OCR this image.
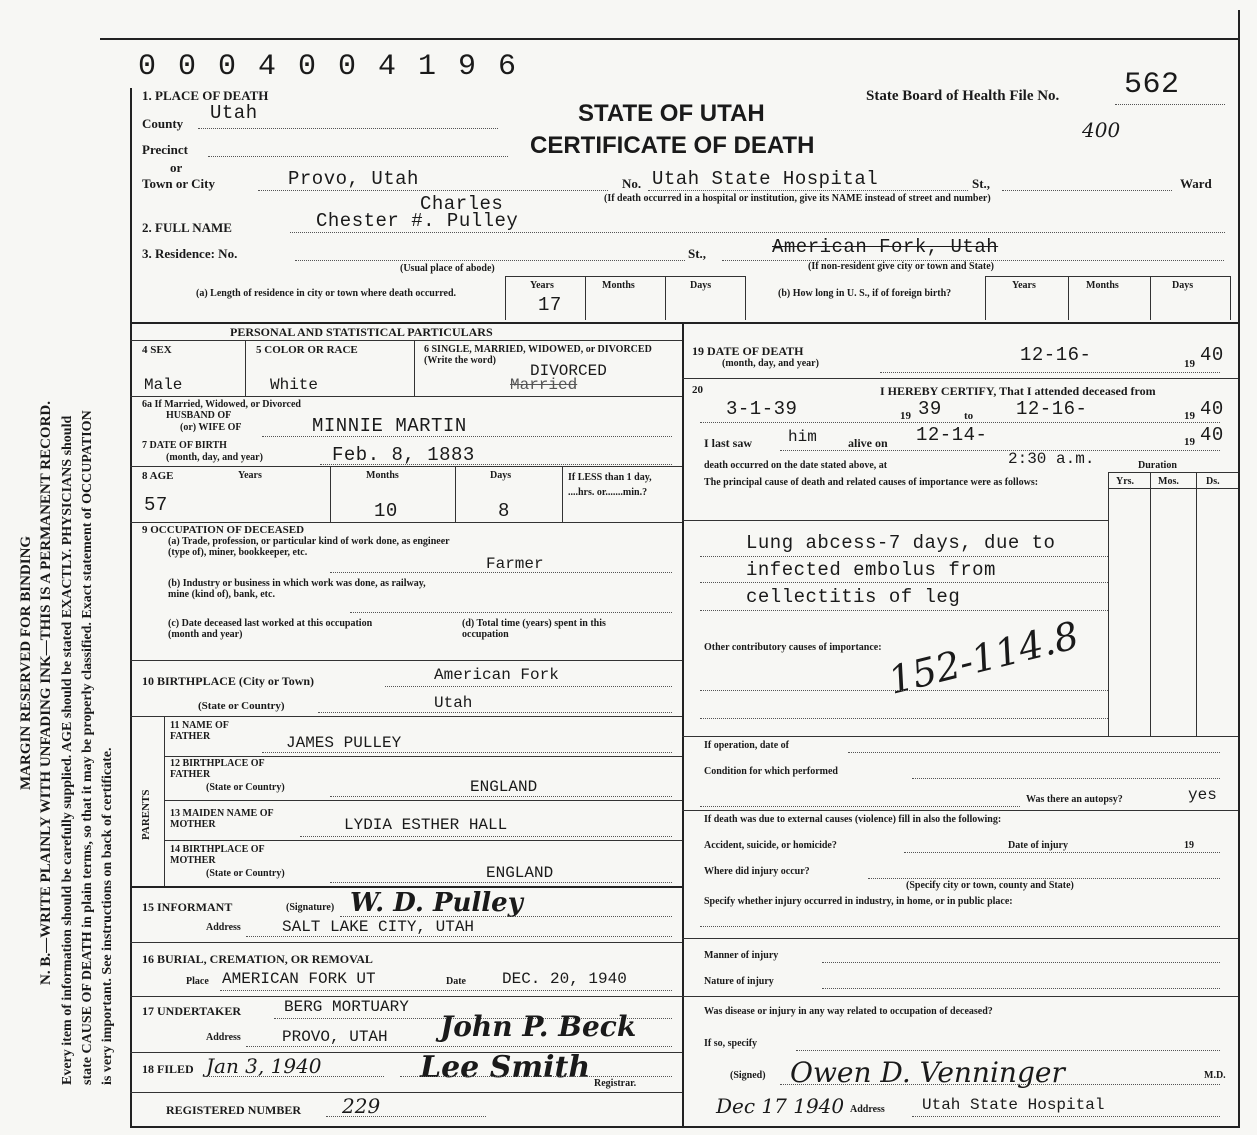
MARGIN RESERVED FOR BINDING N. B.—WRITE PLAINLY WITH UNFADING INK—THIS IS A PERMANENT RECORD. Every item of information should be carefully supplied. AGE should be stated EXACTLY. PHYSICIANS should state CAUSE OF DEATH in plain terms, so that it may be properly classified. Exact statement of OCCUPATION is very important. See instructions on back of certificate.
0 0 0 4 0 0 4 1 9 6
State Board of Health File No. 562
400
STATE OF UTAH
CERTIFICATE OF DEATH
1. PLACE OF DEATH
County Utah
Precinct
or
Town or City	Provo, Utah	No. Utah State Hospital	St.,	Ward
(If death occurred in a hospital or institution, give its NAME instead of street and number)
Charles
2. FULL NAME	Chester #. Pulley
3. Residence: No.	St.,	American Fork, Utah
(Usual place of abode)	(If non-resident give city or town and State)
(a) Length of residence in city or town where death occurred.
Years	Months	Days
17
(b) How long in U. S., if of foreign birth?
Years	Months	Days
PERSONAL AND STATISTICAL PARTICULARS
4 SEX
Male
5 COLOR OR RACE
White
6 SINGLE, MARRIED, WIDOWED, or DIVORCED (Write the word)
Married
DIVORCED
6a If Married, Widowed, or Divorced
HUSBAND OF
(or) WIFE OF	MINNIE MARTIN
7 DATE OF BIRTH
(month, day, and year)	Feb. 8, 1883
8 AGE	Years	Months	Days	If LESS than 1 day, ....hrs. or.......min.?
57	10	8
9 OCCUPATION OF DECEASED
(a) Trade, profession, or particular kind of work done, as engineer (type of), miner, bookkeeper, etc.
Farmer
(b) Industry or business in which work was done, as railway, mine (kind of), bank, etc.
(c) Date deceased last worked at this occupation (month and year)
(d) Total time (years) spent in this occupation
10 BIRTHPLACE (City or Town)	American Fork
(State or Country)	Utah
PARENTS
11 NAME OF FATHER	JAMES PULLEY
12 BIRTHPLACE OF FATHER
(State or Country)	ENGLAND
13 MAIDEN NAME OF MOTHER	LYDIA ESTHER HALL
14 BIRTHPLACE OF MOTHER
(State or Country)	ENGLAND
15 INFORMANT	(Signature) W. D. Pulley
Address	SALT LAKE CITY, UTAH
16 BURIAL, CREMATION, OR REMOVAL
Place AMERICAN FORK UT	Date DEC. 20, 1940
17 UNDERTAKER	BERG MORTUARY
Address	PROVO, UTAH John P. Beck
18 FILED Jan 3, 1940	Lee Smith Registrar.
REGISTERED NUMBER 229
19 DATE OF DEATH
(month, day, and year)	12-16-	19 40
20	I HEREBY CERTIFY, That I attended deceased from
3-1-39	19 39 to 12-16-	19 40
I last saw him	alive on 12-14-	19 40
death occurred on the date stated above, at	2:30 a.m.	Duration
The principal cause of death and related causes of importance were as follows:	Yrs. Mos.	Ds.
Lung abcess-7 days, due to
infected embolus from
cellectitis of leg
Other contributory causes of importance: 152-114.8
If operation, date of
Condition for which performed
Was there an autopsy?	yes
If death was due to external causes (violence) fill in also the following:
Accident, suicide, or homicide?	Date of injury	19
Where did injury occur?
(Specify city or town, county and State)
Specify whether injury occurred in industry, in home, or in public place:
Manner of injury
Nature of injury
Was disease or injury in any way related to occupation of deceased?
If so, specify
(Signed) Owen D. Venninger	M.D.
Dec 17 1940 Address Utah State Hospital
